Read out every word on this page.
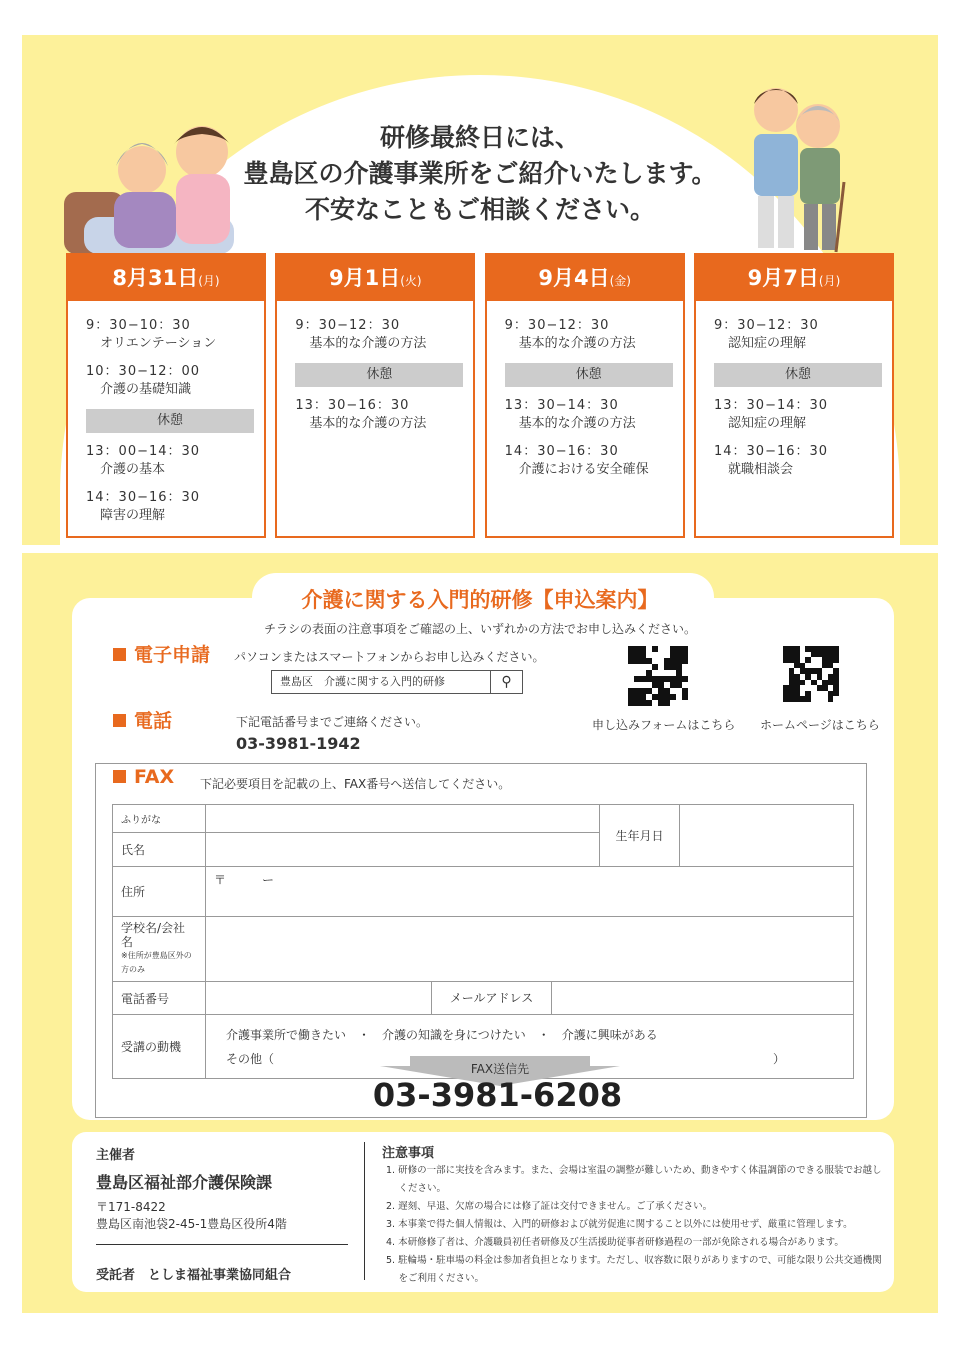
研修最終日には、
豊島区の介護事業所をご紹介いたします。
不安なこともご相談ください。
8月31日(月)
9：30−10：30
オリエンテーション
10：30−12：00
介護の基礎知識
休憩
13：00−14：30
介護の基本
14：30−16：30
障害の理解
9月1日(火)
9：30−12：30
基本的な介護の方法
休憩
13：30−16：30
基本的な介護の方法
9月4日(金)
9：30−12：30
基本的な介護の方法
休憩
13：30−14：30
基本的な介護の方法
14：30−16：30
介護における安全確保
9月7日(月)
9：30−12：30
認知症の理解
休憩
13：30−14：30
認知症の理解
14：30−16：30
就職相談会
介護に関する入門的研修【申込案内】
チラシの表面の注意事項をご確認の上、いずれかの方法でお申し込みください。
電子申請 パソコンまたはスマートフォンからお申し込みください。
豊島区　介護に関する入門的研修	⚲
申し込みフォームはこちら ホームページはこちら
電話	下記電話番号までご連絡ください。
03-3981-1942
FAX 下記必要項目を記載の上、FAX番号へ送信してください。
ふりがな		生年月日	
氏名			
住所	〒　　　ー		

学校名/会社名
※住所が豊島区外の方のみ			

電話番号	メールアドレス		

受講の動機	介護事業所で働きたい　・　介護の知識を身につけたい　・　介護に興味がある
その他（ ）		
FAX送信先
03-3981-6208
主催者
豊島区福祉部介護保険課
〒171-8422
豊島区南池袋2-45-1豊島区役所4階
受託者　としま福祉事業協同組合
注意事項
1. 研修の一部に実技を含みます。また、会場は室温の調整が難しいため、動きやすく体温調節のできる服装でお越し
　 ください。
2. 遅刻、早退、欠席の場合には修了証は交付できません。ご了承ください。
3. 本事業で得た個人情報は、入門的研修および就労促進に関すること以外には使用せず、厳重に管理します。
4. 本研修修了者は、介護職員初任者研修及び生活援助従事者研修過程の一部が免除される場合があります。
5. 駐輪場・駐車場の料金は参加者負担となります。ただし、収容数に限りがありますので、可能な限り公共交通機関
　 をご利用ください。
